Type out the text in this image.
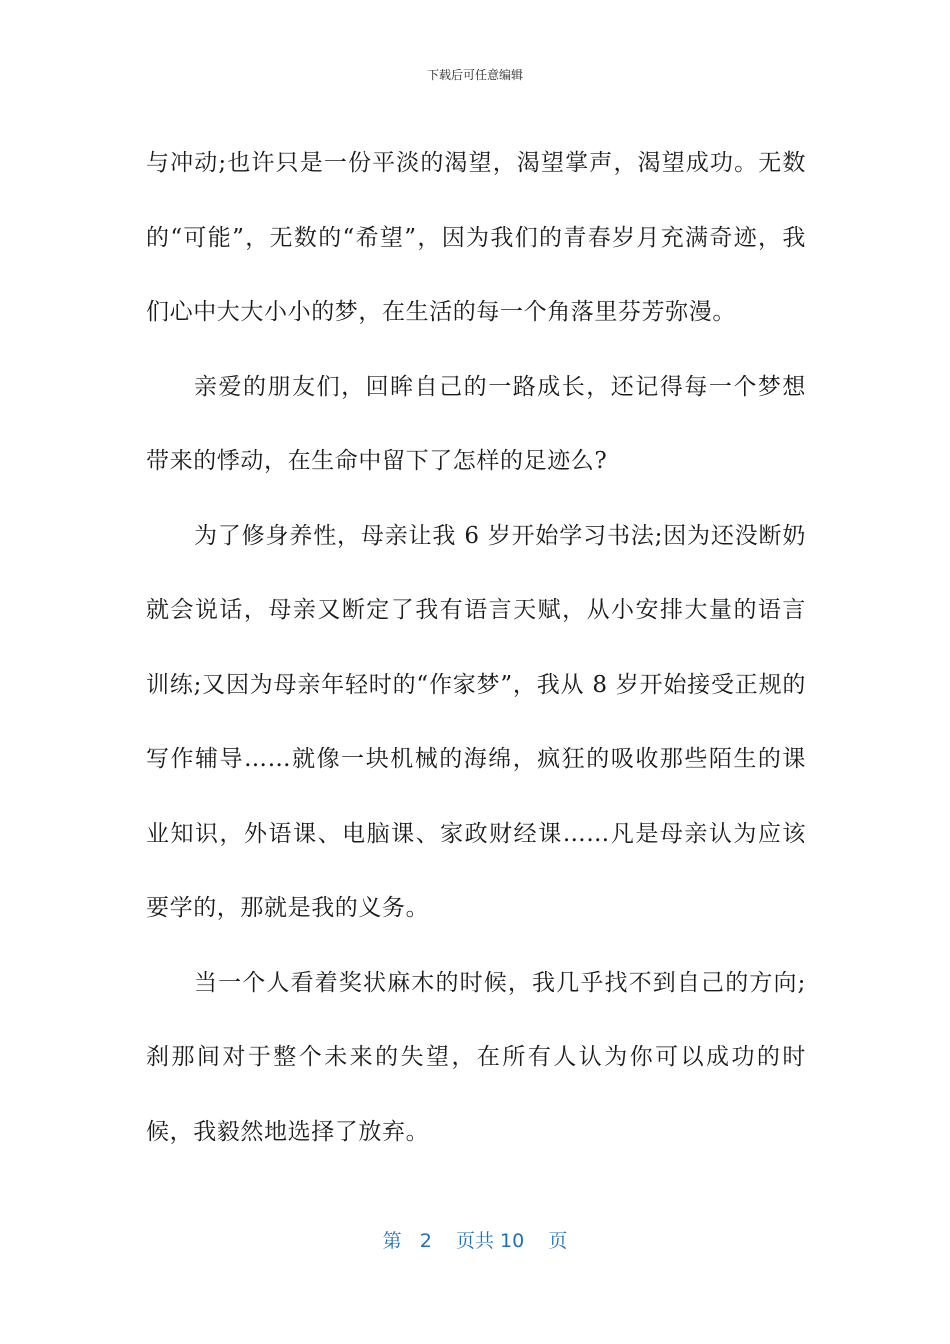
下载后可任意编辑

与冲动;也许只是一份平淡的渴望，渴望掌声，渴望成功。无数的“可能”，无数的“希望”，因为我们的青春岁月充满奇迹，我们心中大大小小的梦，在生活的每一个角落里芬芳弥漫。

亲爱的朋友们，回眸自己的一路成长，还记得每一个梦想带来的悸动，在生命中留下了怎样的足迹么?

为了修身养性，母亲让我 6 岁开始学习书法;因为还没断奶就会说话，母亲又断定了我有语言天赋，从小安排大量的语言训练;又因为母亲年轻时的“作家梦”，我从 8 岁开始接受正规的写作辅导……就像一块机械的海绵，疯狂的吸收那些陌生的课业知识，外语课、电脑课、家政财经课……凡是母亲认为应该要学的，那就是我的义务。

当一个人看着奖状麻木的时候，我几乎找不到自己的方向;刹那间对于整个未来的失望，在所有人认为你可以成功的时候，我毅然地选择了放弃。

第 2 页共 10 页
